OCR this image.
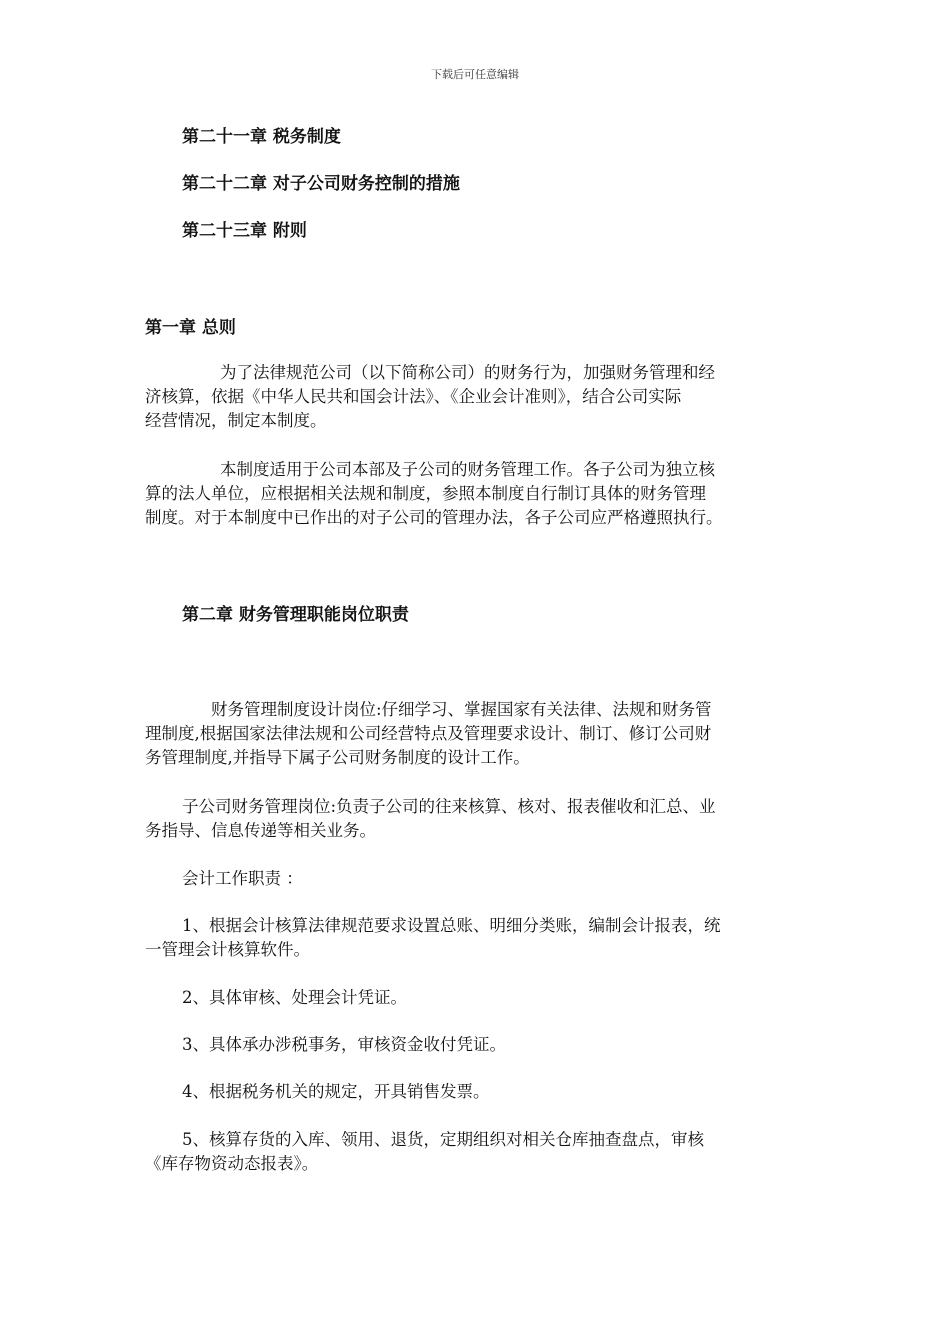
下载后可任意编辑
第二十一章 税务制度
第二十二章 对子公司财务控制的措施
第二十三章 附则
第一章 总则
为了法律规范公司（以下简称公司）的财务行为，加强财务管理和经
济核算，依据《中华人民共和国会计法》、《企业会计准则》，结合公司实际
经营情况，制定本制度。
本制度适用于公司本部及子公司的财务管理工作。各子公司为独立核
算的法人单位，应根据相关法规和制度，参照本制度自行制订具体的财务管理
制度。对于本制度中已作出的对子公司的管理办法，各子公司应严格遵照执行。
第二章 财务管理职能岗位职责
财务管理制度设计岗位:仔细学习、掌握国家有关法律、法规和财务管
理制度,根据国家法律法规和公司经营特点及管理要求设计、制订、修订公司财
务管理制度,并指导下属子公司财务制度的设计工作。
子公司财务管理岗位:负责子公司的往来核算、核对、报表催收和汇总、业
务指导、信息传递等相关业务。
会计工作职责 ：
1、根据会计核算法律规范要求设置总账、明细分类账，编制会计报表，统
一管理会计核算软件。
2、具体审核、处理会计凭证。
3、具体承办涉税事务，审核资金收付凭证。
4、根据税务机关的规定，开具销售发票。
5、核算存货的入库、领用、退货，定期组织对相关仓库抽查盘点，审核
《库存物资动态报表》。
